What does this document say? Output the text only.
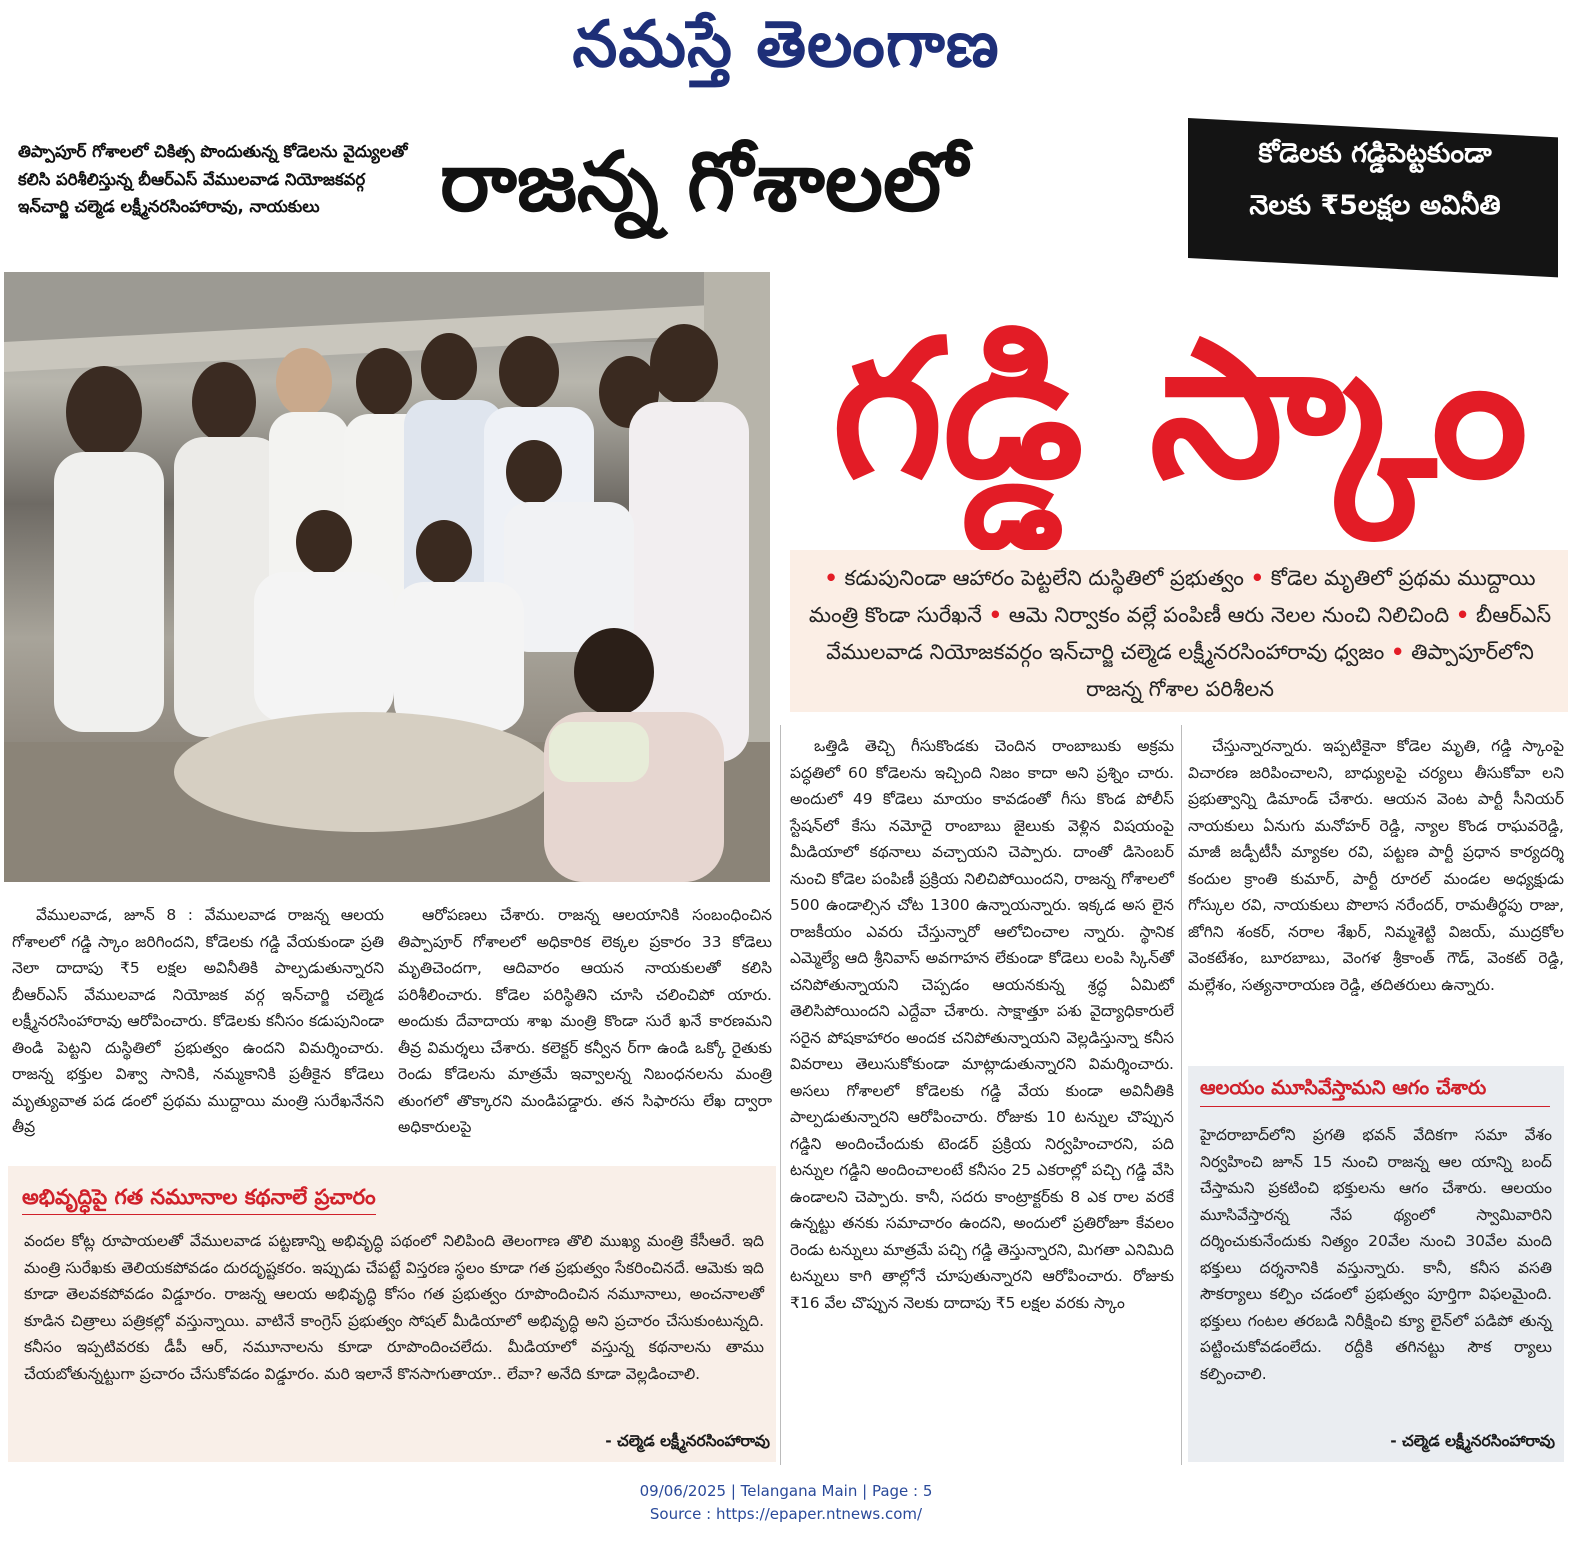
నమస్తే తెలంగాణ
తిప్పాపూర్ గోశాలలో చికిత్స పొందుతున్న కోడెలను వైద్యులతో కలిసి పరిశీలిస్తున్న బీఆర్ఎస్ వేములవాడ నియోజకవర్గ ఇన్‌చార్జి చల్మెడ లక్ష్మీనరసింహారావు, నాయకులు	రాజన్న గోశాలలో	కోడెలకు గడ్డిపెట్టకుండా
నెలకు ₹5లక్షల అవినీతి
గడ్డి స్కాం
• కడుపునిండా ఆహారం పెట్టలేని దుస్థితిలో ప్రభుత్వం • కోడెల మృతిలో ప్రథమ ముద్దాయి మంత్రి కొండా సురేఖనే • ఆమె నిర్వాకం వల్లే పంపిణీ ఆరు నెలల నుంచి నిలిచింది • బీఆర్ఎస్ వేములవాడ నియోజకవర్గం ఇన్‌చార్జి చల్మెడ లక్ష్మీనరసింహారావు ధ్వజం • తిప్పాపూర్‌లోని రాజన్న గోశాల పరిశీలన

వేములవాడ, జూన్ 8 : వేములవాడ రాజన్న ఆలయ గోశాలలో గడ్డి స్కాం జరిగిందని, కోడెలకు గడ్డి వేయకుండా ప్రతి నెలా దాదాపు ₹5 లక్షల అవినీతికి పాల్పడుతున్నారని బీఆర్ఎస్ వేములవాడ నియోజక వర్గ ఇన్‌చార్జి చల్మెడ లక్ష్మీనరసింహారావు ఆరోపించారు. కోడెలకు కనీసం కడుపునిండా తిండి పెట్టని దుస్థితిలో ప్రభుత్వం ఉందని విమర్శించారు. రాజన్న భక్తుల విశ్వా సానికి, నమ్మకానికి ప్రతీకైన కోడెలు మృత్యువాత పడ డంలో ప్రథమ ముద్దాయి మంత్రి సురేఖనేనని తీవ్ర

ఆరోపణలు చేశారు. రాజన్న ఆలయానికి సంబంధించిన తిప్పాపూర్ గోశాలలో అధికారిక లెక్కల ప్రకారం 33 కోడెలు మృతిచెందగా, ఆదివారం ఆయన నాయకులతో కలిసి పరిశీలించారు. కోడెల పరిస్థితిని చూసి చలించిపో యారు. అందుకు దేవాదాయ శాఖ మంత్రి కొండా సురే ఖనే కారణమని తీవ్ర విమర్శలు చేశారు. కలెక్టర్ కన్వీన ర్‌గా ఉండి ఒక్కో రైతుకు రెండు కోడెలను మాత్రమే ఇవ్వాలన్న నిబంధనలను మంత్రి తుంగలో తొక్కారని మండిపడ్డారు. తన సిఫారసు లేఖ ద్వారా అధికారులపై

ఒత్తిడి తెచ్చి గీసుకొండకు చెందిన రాంబాబుకు అక్రమ పద్ధతిలో 60 కోడెలను ఇచ్చింది నిజం కాదా అని ప్రశ్నిం చారు. అందులో 49 కోడెలు మాయం కావడంతో గీసు కొండ పోలీస్ స్టేషన్‌లో కేసు నమోదై రాంబాబు జైలుకు వెళ్లిన విషయంపై మీడియాలో కథనాలు వచ్చాయని చెప్పారు. దాంతో డిసెంబర్ నుంచి కోడెల పంపిణీ ప్రక్రియ నిలిచిపోయిందని, రాజన్న గోశాలలో 500 ఉండాల్సిన చోట 1300 ఉన్నాయన్నారు. ఇక్కడ అస లైన రాజకీయం ఎవరు చేస్తున్నారో ఆలోచించాల న్నారు. స్థానిక ఎమ్మెల్యే ఆది శ్రీనివాస్ అవగాహన లేకుండా కోడెలు లంపి స్కిన్‌తో చనిపోతున్నాయని చెప్పడం ఆయనకున్న శ్రద్ధ ఏమిటో తెలిసిపోయిందని ఎద్దేవా చేశారు. సాక్షాత్తూ పశు వైద్యాధికారులే సరైన పోషకాహారం అందక చనిపోతున్నాయని వెల్లడిస్తున్నా కనీస వివరాలు తెలుసుకోకుండా మాట్లాడుతున్నారని విమర్శించారు. అసలు గోశాలలో కోడెలకు గడ్డి వేయ కుండా అవినీతికి పాల్పడుతున్నారని ఆరోపించారు. రోజుకు 10 టన్నుల చొప్పున గడ్డిని అందించేందుకు టెండర్ ప్రక్రియ నిర్వహించారని, పది టన్నుల గడ్డిని అందించాలంటే కనీసం 25 ఎకరాల్లో పచ్చి గడ్డి వేసి ఉండాలని చెప్పారు. కానీ, సదరు కాంట్రాక్టర్‌కు 8 ఎక రాల వరకే ఉన్నట్టు తనకు సమాచారం ఉందని, అందులో ప్రతిరోజూ కేవలం రెండు టన్నులు మాత్రమే పచ్చి గడ్డి తెస్తున్నారని, మిగతా ఎనిమిది టన్నులు కాగి తాల్లోనే చూపుతున్నారని ఆరోపించారు. రోజుకు ₹16 వేల చొప్పున నెలకు దాదాపు ₹5 లక్షల వరకు స్కాం

చేస్తున్నారన్నారు. ఇప్పటికైనా కోడెల మృతి, గడ్డి స్కాంపై విచారణ జరిపించాలని, బాధ్యులపై చర్యలు తీసుకోవా లని ప్రభుత్వాన్ని డిమాండ్ చేశారు. ఆయన వెంట పార్టీ సీనియర్ నాయకులు ఏనుగు మనోహర్ రెడ్డి, న్యాల కొండ రాఘవరెడ్డి, మాజీ జడ్పీటీసీ మ్యాకల రవి, పట్టణ పార్టీ ప్రధాన కార్యదర్శి కందుల క్రాంతి కుమార్, పార్టీ రూరల్ మండల అధ్యక్షుడు గోస్కుల రవి, నాయకులు పొలాస నరేందర్, రామతీర్థపు రాజు, జోగిని శంకర్, నరాల శేఖర్, నిమ్మశెట్టి విజయ్, ముద్రకోల వెంకటేశం, బూరబాబు, వెంగళ శ్రీకాంత్ గౌడ్, వెంకట్ రెడ్డి, మల్లేశం, సత్యనారాయణ రెడ్డి, తదితరులు ఉన్నారు.

అభివృద్ధిపై గత నమూనాల కథనాలే ప్రచారం
వందల కోట్ల రూపాయలతో వేములవాడ పట్టణాన్ని అభివృద్ధి పథంలో నిలిపింది తెలంగాణ తొలి ముఖ్య మంత్రి కేసీఆరే. ఇది మంత్రి సురేఖకు తెలియకపోవడం దురదృష్టకరం. ఇప్పుడు చేపట్టే విస్తరణ స్థలం కూడా గత ప్రభుత్వం సేకరించినదే. ఆమెకు ఇది కూడా తెలవకపోవడం విడ్డూరం. రాజన్న ఆలయ అభివృద్ధి కోసం గత ప్రభుత్వం రూపొందించిన నమూనాలు, అంచనాలతో కూడిన చిత్రాలు పత్రికల్లో వస్తున్నాయి. వాటినే కాంగ్రెస్ ప్రభుత్వం సోషల్ మీడియాలో అభివృద్ధి అని ప్రచారం చేసుకుంటున్నది. కనీసం ఇప్పటివరకు డీపీ ఆర్, నమూనాలను కూడా రూపొందించలేదు. మీడియాలో వస్తున్న కథనాలను తాము చేయబోతున్నట్టుగా ప్రచారం చేసుకోవడం విడ్డూరం. మరి ఇలానే కొనసాగుతాయా.. లేవా? అనేది కూడా వెల్లడించాలి.
- చల్మెడ లక్ష్మీనరసింహారావు
ఆలయం మూసివేస్తామని ఆగం చేశారు
హైదరాబాద్‌లోని ప్రగతి భవన్ వేదికగా సమా వేశం నిర్వహించి జూన్ 15 నుంచి రాజన్న ఆల యాన్ని బంద్ చేస్తామని ప్రకటించి భక్తులను ఆగం చేశారు. ఆలయం మూసివేస్తారన్న నేప థ్యంలో స్వామివారిని దర్శించుకునేందుకు నిత్యం 20వేల నుంచి 30వేల మంది భక్తులు దర్శనానికి వస్తున్నారు. కానీ, కనీస వసతి సౌకర్యాలు కల్పిం చడంలో ప్రభుత్వం పూర్తిగా విఫలమైంది. భక్తులు గంటల తరబడి నిరీక్షించి క్యూ లైన్‌లో పడిపో తున్న పట్టించుకోవడంలేదు. రద్దీకి తగినట్టు సౌక ర్యాలు కల్పించాలి.
- చల్మెడ లక్ష్మీనరసింహారావు
09/06/2025 | Telangana Main | Page : 5
Source : https://epaper.ntnews.com/
